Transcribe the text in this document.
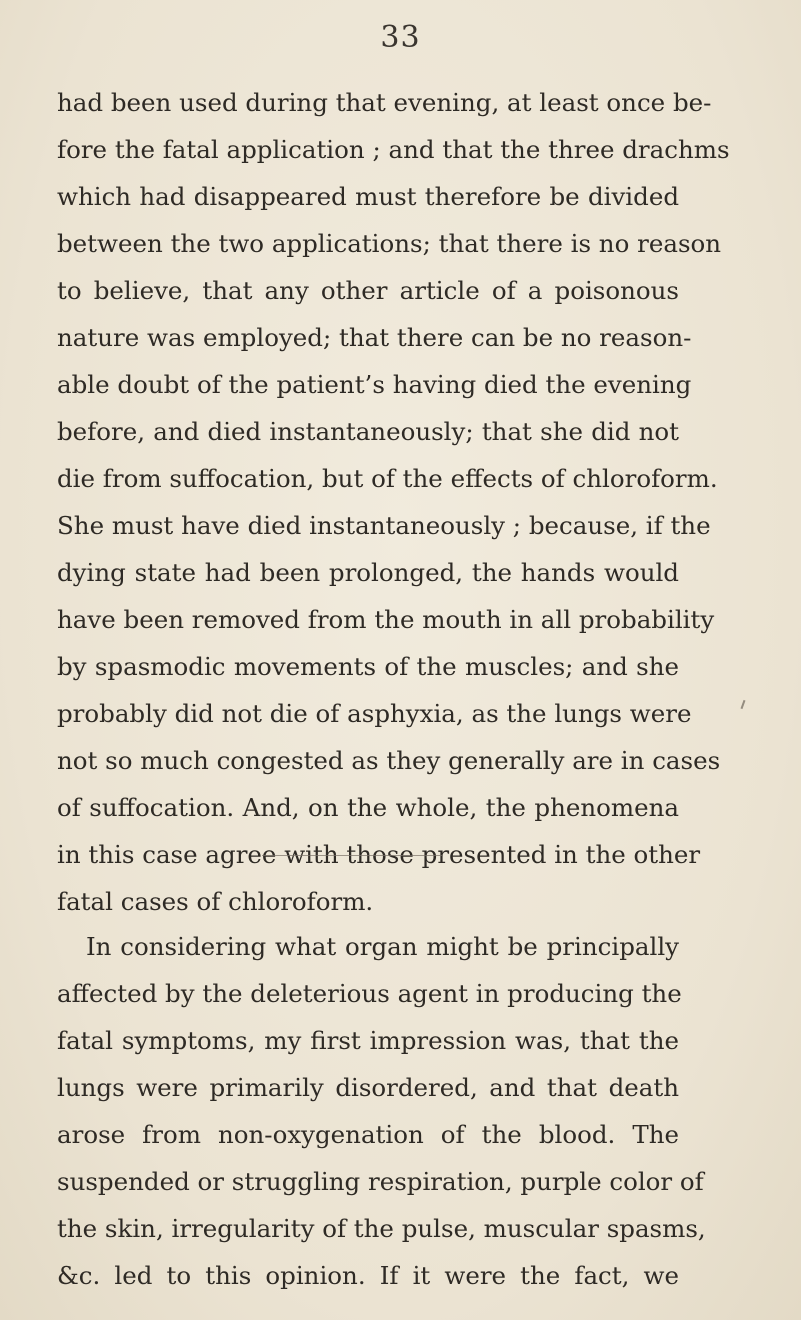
33
had been used during that evening, at least once be-
fore the fatal application ; and that the three drachms
which had disappeared must therefore be divided
between the two applications; that there is no reason
to believe, that any other article of a poisonous
nature was employed; that there can be no reason-
able doubt of the patient’s having died the evening
before, and died instantaneously; that she did not
die from suffocation, but of the effects of chloroform.
She must have died instantaneously ; because, if the
dying state had been prolonged, the hands would
have been removed from the mouth in all probability
by spasmodic movements of the muscles; and she
probably did not die of asphyxia, as the lungs were
not so much congested as they generally are in cases
of suffocation. And, on the whole, the phenomena
in this case agree with those presented in the other
fatal cases of chloroform.
In considering what organ might be principally
affected by the deleterious agent in producing the
fatal symptoms, my first impression was, that the
lungs were primarily disordered, and that death
arose from non-oxygenation of the blood. The
suspended or struggling respiration, purple color of
the skin, irregularity of the pulse, muscular spasms,
&c. led to this opinion. If it were the fact, we
